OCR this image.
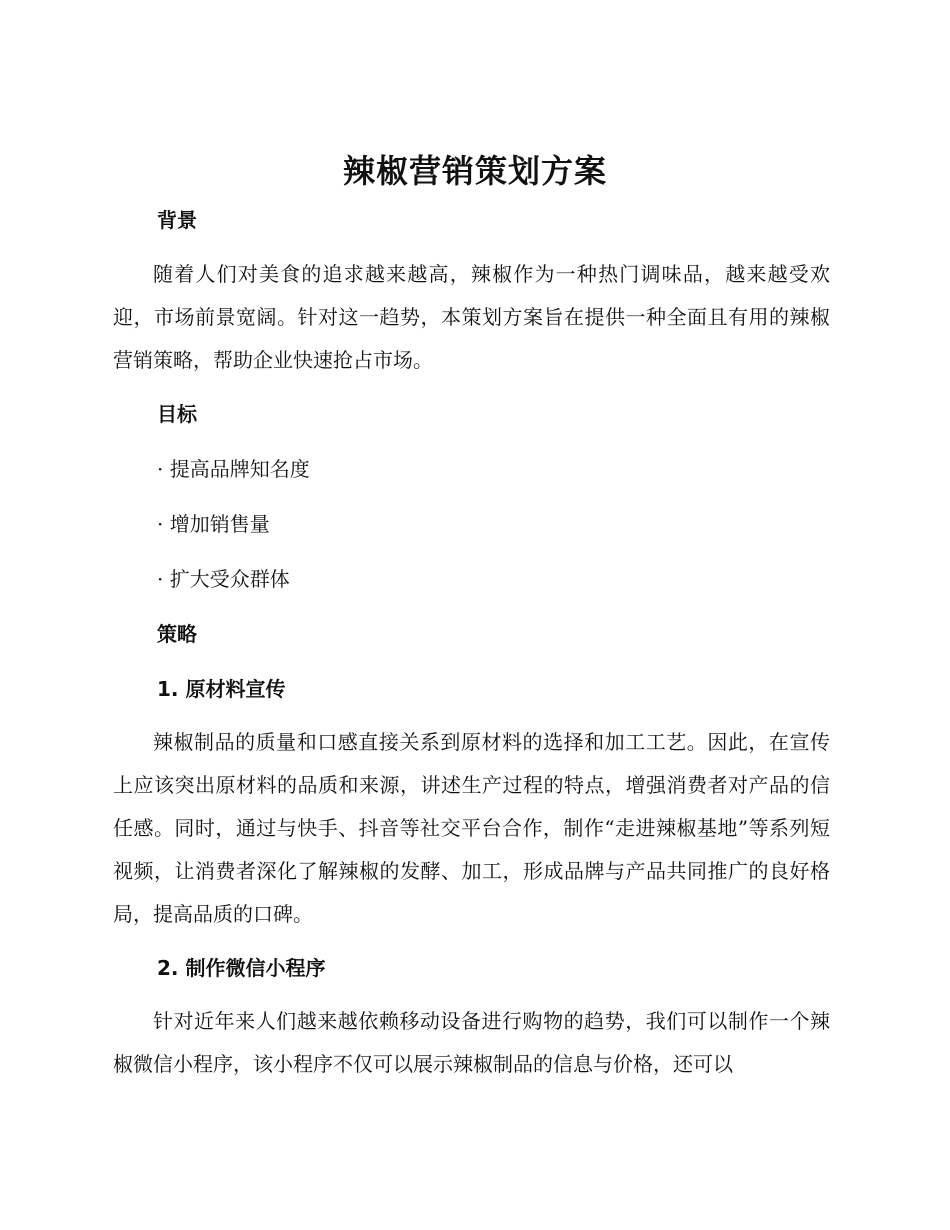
辣椒营销策划方案
背景
随着人们对美食的追求越来越高，辣椒作为一种热门调味品，越来越受欢迎，市场前景宽阔。针对这一趋势，本策划方案旨在提供一种全面且有用的辣椒营销策略，帮助企业快速抢占市场。
目标
· 提高品牌知名度
· 增加销售量
· 扩大受众群体
策略
1. 原材料宣传
辣椒制品的质量和口感直接关系到原材料的选择和加工工艺。因此，在宣传上应该突出原材料的品质和来源，讲述生产过程的特点，增强消费者对产品的信任感。同时，通过与快手、抖音等社交平台合作，制作“走进辣椒基地”等系列短视频，让消费者深化了解辣椒的发酵、加工，形成品牌与产品共同推广的良好格局，提高品质的口碑。
2. 制作微信小程序
针对近年来人们越来越依赖移动设备进行购物的趋势，我们可以制作一个辣椒微信小程序，该小程序不仅可以展示辣椒制品的信息与价格，还可以
